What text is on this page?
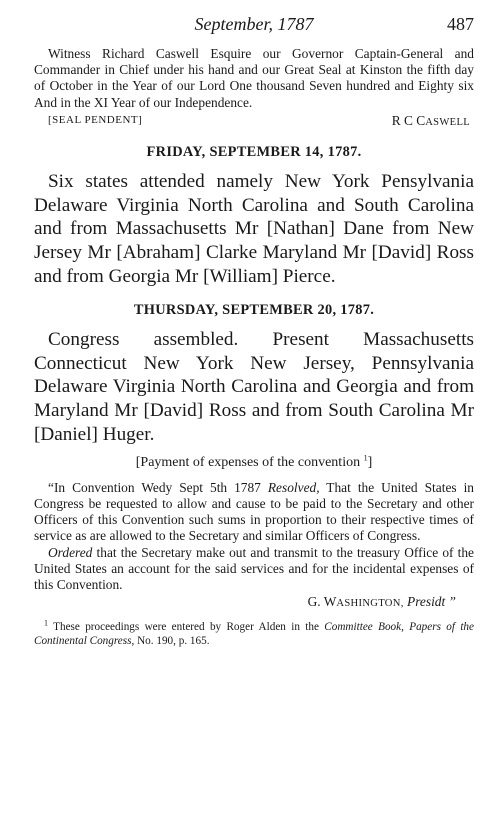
September, 1787	487

Witness Richard Caswell Esquire our Governor Captain-General and Commander in Chief under his hand and our Great Seal at Kinston the fifth day of October in the Year of our Lord One thousand Seven hundred and Eighty six And in the XI Year of our Independence.

[SEAL PENDENT]	R C CASWELL
FRIDAY, SEPTEMBER 14, 1787.

Six states attended namely New York Pensylvania Delaware Virginia North Carolina and South Carolina and from Massachusetts Mr [Nathan] Dane from New Jersey Mr [Abraham] Clarke Maryland Mr [David] Ross and from Georgia Mr [William] Pierce.

THURSDAY, SEPTEMBER 20, 1787.

Congress assembled. Present Massachusetts Connecticut New York New Jersey, Pennsylvania Delaware Virginia North Carolina and Georgia and from Maryland Mr [David] Ross and from South Carolina Mr [Daniel] Huger.

[Payment of expenses of the convention $^1$]

“In Convention Wedy Sept 5th 1787 Resolved, That the United States in Congress be requested to allow and cause to be paid to the Secretary and other Officers of this Convention such sums in proportion to their respective times of service as are allowed to the Secretary and similar Officers of Congress.

Ordered that the Secretary make out and transmit to the treasury Office of the United States an account for the said services and for the incidental expenses of this Convention.

G. WASHINGTON, Presidt ”

$^1$ These proceedings were entered by Roger Alden in the Committee Book, Papers of the Continental Congress, No. 190, p. 165.
